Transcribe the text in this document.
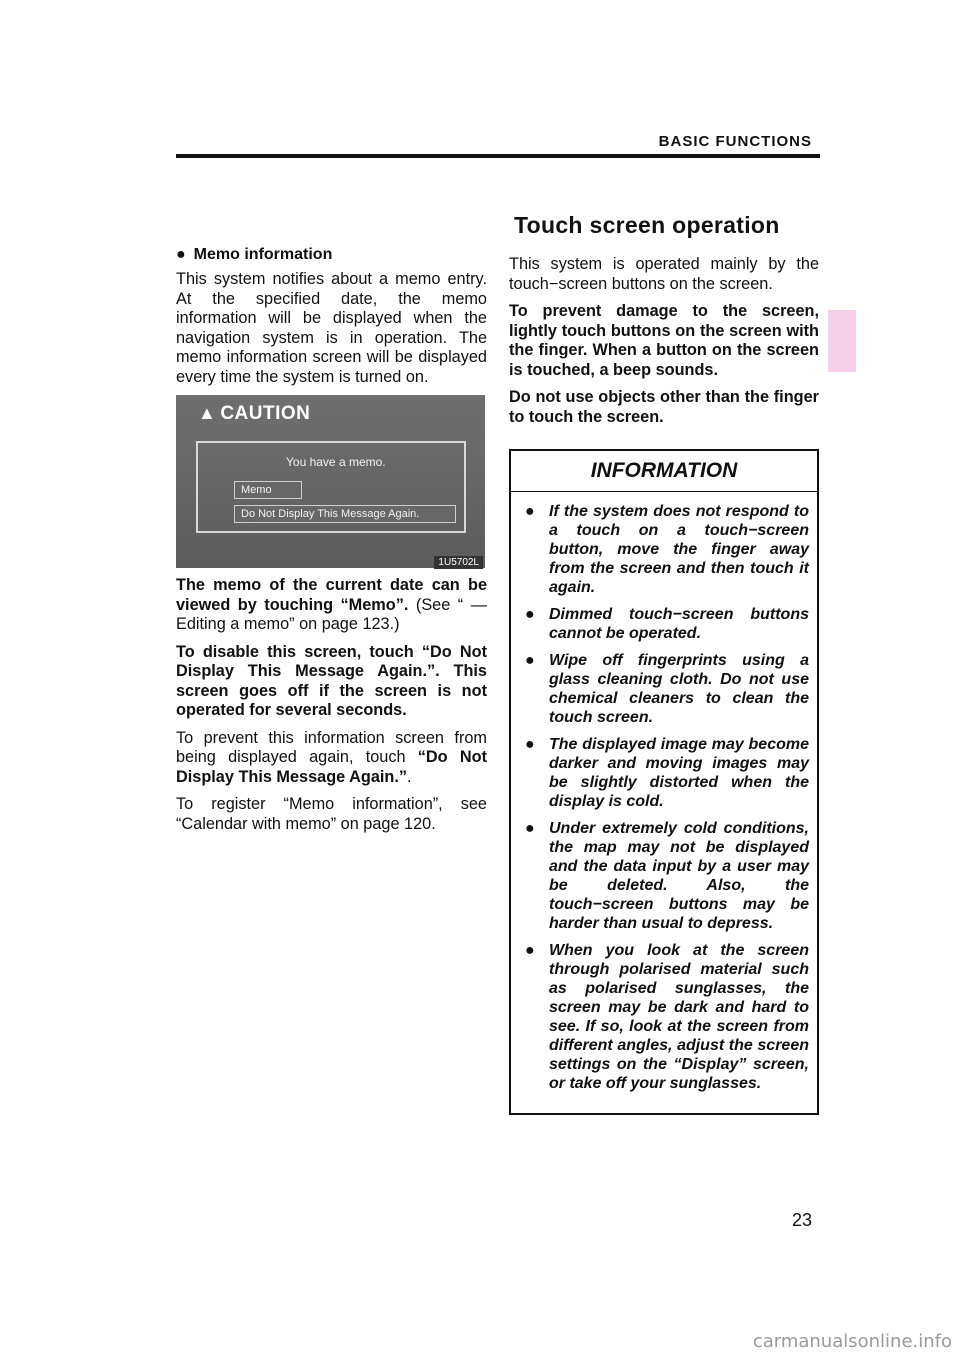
BASIC FUNCTIONS
● Memo information

This system notifies about a memo entry. At the specified date, the memo information will be displayed when the navigation system is in operation. The memo information screen will be displayed every time the system is turned on.

▲ CAUTION
You have a memo.
Memo
Do Not Display This Message Again.
1U5702L

The memo of the current date can be viewed by touching “Memo”. (See “ — Editing a memo” on page 123.)

To disable this screen, touch “Do Not Display This Message Again.”. This screen goes off if the screen is not operated for several seconds.

To prevent this information screen from being displayed again, touch “Do Not Display This Message Again.”.

To register “Memo information”, see “Calendar with memo” on page 120.

Touch screen operation

This system is operated mainly by the touch−screen buttons on the screen.

To prevent damage to the screen, lightly touch buttons on the screen with the finger. When a button on the screen is touched, a beep sounds.

Do not use objects other than the finger to touch the screen.

INFORMATION
● If the system does not respond to a touch on a touch−screen button, move the finger away from the screen and then touch it again.
● Dimmed touch−screen buttons cannot be operated.
● Wipe off fingerprints using a glass cleaning cloth. Do not use chemical cleaners to clean the touch screen.
● The displayed image may become darker and moving images may be slightly distorted when the display is cold.
● Under extremely cold conditions, the map may not be displayed and the data input by a user may be deleted. Also, the touch−screen buttons may be harder than usual to depress.
● When you look at the screen through polarised material such as polarised sunglasses, the screen may be dark and hard to see. If so, look at the screen from different angles, adjust the screen settings on the “Display” screen, or take off your sunglasses.
23
carmanualsonline.info
